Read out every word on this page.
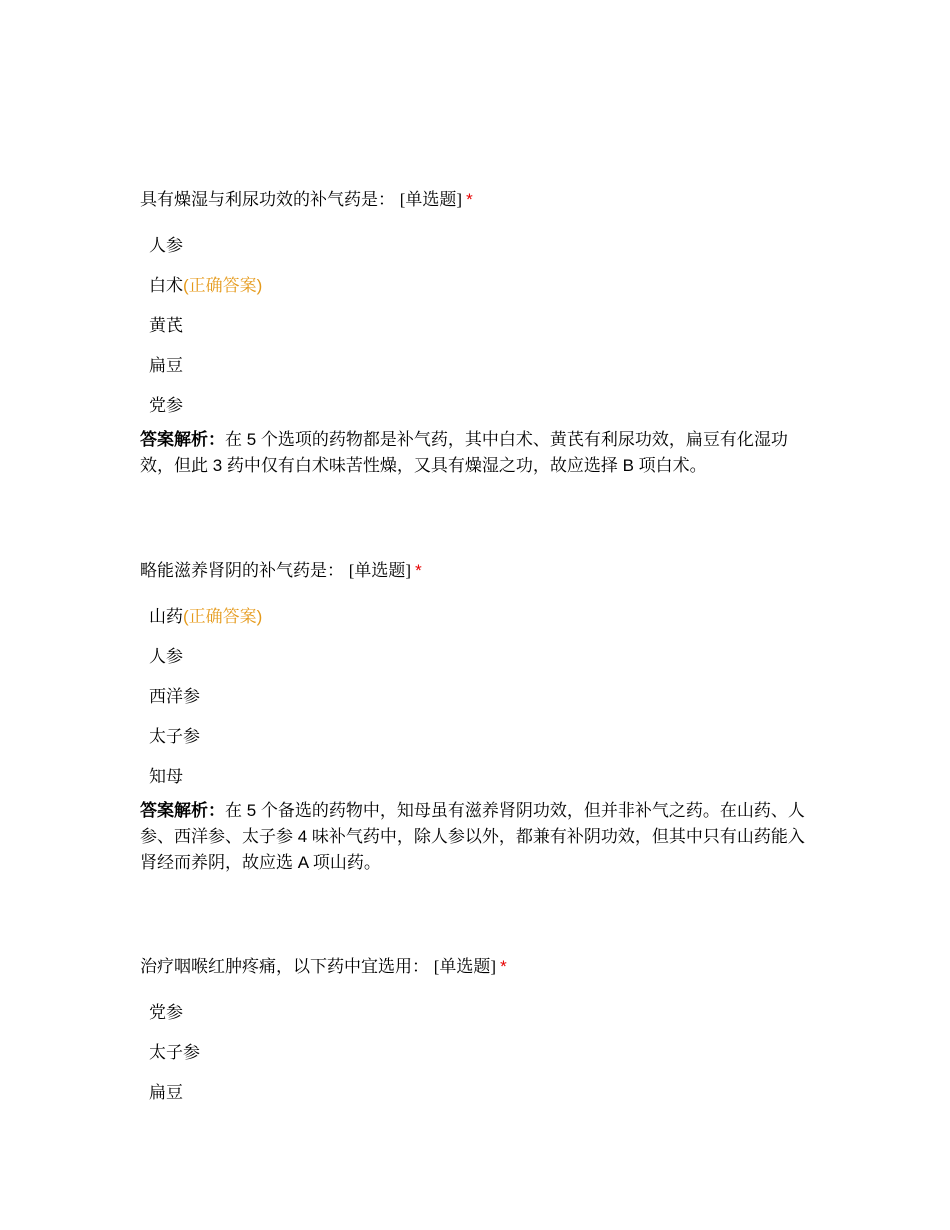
具有燥湿与利尿功效的补气药是： [单选题] *
人参
白术(正确答案)
黄芪
扁豆
党参
答案解析：在 5 个选项的药物都是补气药，其中白术、黄芪有利尿功效，扁豆有化湿功效，但此 3 药中仅有白术味苦性燥，又具有燥湿之功，故应选择 B 项白术。
略能滋养肾阴的补气药是： [单选题] *
山药(正确答案)
人参
西洋参
太子参
知母
答案解析：在 5 个备选的药物中，知母虽有滋养肾阴功效，但并非补气之药。在山药、人参、西洋参、太子参 4 味补气药中，除人参以外，都兼有补阴功效，但其中只有山药能入肾经而养阴，故应选 A 项山药。
治疗咽喉红肿疼痛，以下药中宜选用： [单选题] *
党参
太子参
扁豆
